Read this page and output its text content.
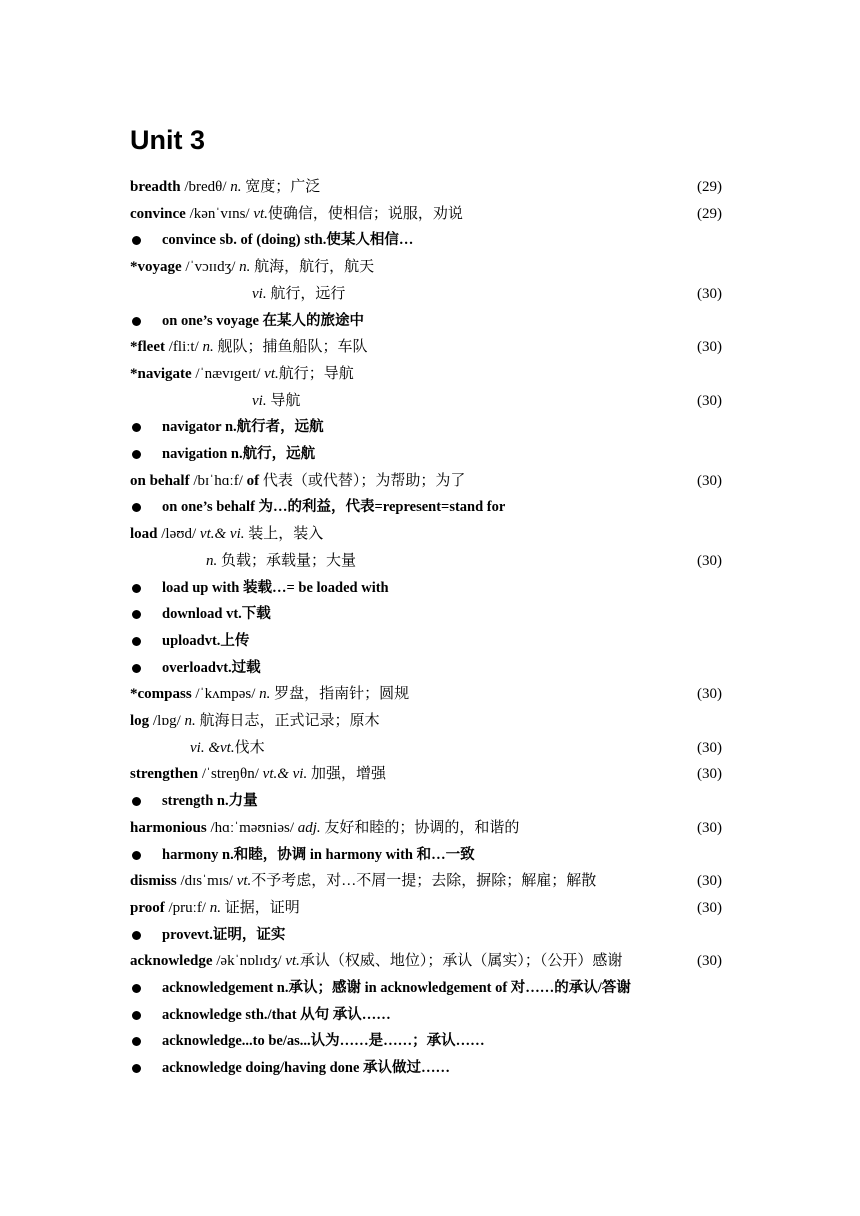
Unit 3
breadth /bredθ/ n. 宽度；广泛	(29)
convince /kənˈvɪns/ vt.使确信，使相信；说服，劝说	(29)
convince sb. of (doing) sth.使某人相信…
*voyage /ˈvɔɪɪdʒ/ n. 航海，航行，航天
vi. 航行，远行	(30)
on one’s voyage 在某人的旅途中
*fleet /fliːt/ n. 舰队；捕鱼船队；车队	(30)
*navigate /ˈnævɪgeɪt/ vt.航行；导航
vi. 导航	(30)
navigator n.航行者，远航
navigation n.航行，远航
on behalf /bɪˈhɑːf/ of 代表（或代替）；为帮助；为了	(30)
on one’s behalf 为…的利益，代表=represent=stand for
load /ləʊd/ vt.& vi. 装上，装入
n. 负载；承载量；大量	(30)
load up with 装载…= be loaded with
download vt.下载
uploadvt.上传
overloadvt.过载
*compass /ˈkʌmpəs/ n. 罗盘，指南针；圆规	(30)
log /lɒg/ n. 航海日志，正式记录；原木
vi. &vt.伐木	(30)
strengthen /ˈstreŋθn/ vt.& vi. 加强，增强	(30)
strength n.力量
harmonious /hɑːˈməʊniəs/ adj. 友好和睦的；协调的，和谐的	(30)
harmony n.和睦，协调 in harmony with 和…一致
dismiss /dɪsˈmɪs/ vt.不予考虑，对…不屑一提；去除，摒除；解雇；解散	(30)
proof /pruːf/ n. 证据，证明	(30)
provevt.证明，证实
acknowledge /əkˈnɒlɪdʒ/ vt.承认（权威、地位）；承认（属实）；（公开）感谢	(30)
acknowledgement n.承认；感谢 in acknowledgement of 对……的承认/答谢
acknowledge sth./that 从句 承认……
acknowledge...to be/as...认为……是……；承认……
acknowledge doing/having done 承认做过……
